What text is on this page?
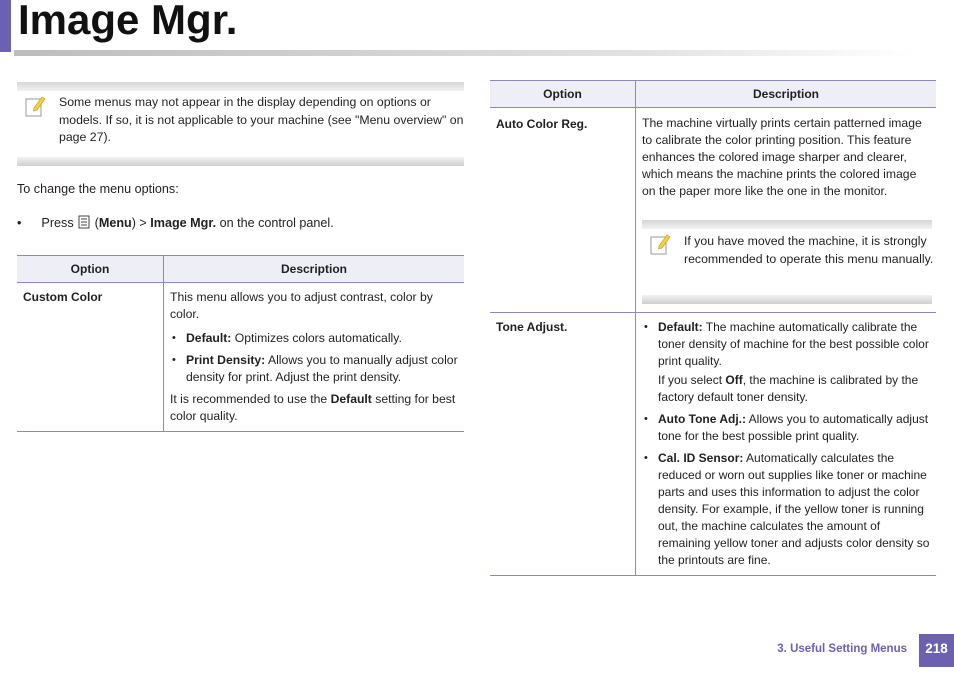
Image Mgr.
Some menus may not appear in the display depending on options or models. If so, it is not applicable to your machine (see "Menu overview" on page 27).
To change the menu options:
• Press (Menu) > Image Mgr. on the control panel.
Option	Description
Custom Color	This menu allows you to adjust contrast, color by color.
• Default: Optimizes colors automatically.
• Print Density: Allows you to manually adjust color density for print. Adjust the print density.
It is recommended to use the Default setting for best color quality.
Option	Description
Auto Color Reg.	The machine virtually prints certain patterned image to calibrate the color printing position. This feature enhances the colored image sharper and clearer, which means the machine prints the colored image on the paper more like the one in the monitor.
If you have moved the machine, it is strongly recommended to operate this menu manually.

Tone Adjust.	• Default: The machine automatically calibrate the toner density of machine for the best possible color print quality.
If you select Off, the machine is calibrated by the factory default toner density.
• Auto Tone Adj.: Allows you to automatically adjust tone for the best possible print quality.
• Cal. ID Sensor: Automatically calculates the reduced or worn out supplies like toner or machine parts and uses this information to adjust the color density. For example, if the yellow toner is running out, the machine calculates the amount of remaining yellow toner and adjusts color density so the printouts are fine.
3. Useful Setting Menus	218
